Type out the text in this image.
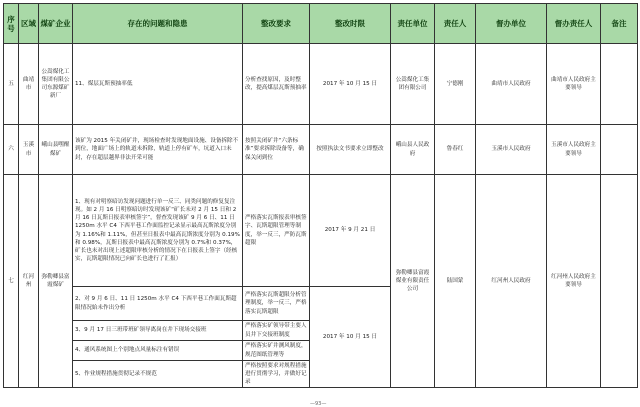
序号	区域	煤矿企业	存在的问题和隐患	整改要求	整改时限	责任单位	责任人	督办单位	督办责任人	备注
五	曲靖市	公嵩煤化工集团有限公司东源煤矿新厂	11、煤层瓦斯预抽率低	分析查找原因，及时整改，提高煤层瓦斯预抽率	2017 年 10 月 15 日	公嵩煤化工集团有限公司	宁德刚	曲靖市人民政府	曲靖市人民政府主要领导	
六	玉溪市	峨山县嘿醒煤矿	该矿为 2015 年关闭矿井，现场检查时发现地面设施、设备拆除不到位，地面广场上的轨道未拆除，轨道上停有矿车，坑道入口未封，存在超层越界非法开采可能	按照关闭矿井“六条标准”要求拆除设备等，确保关闭到位	按照执法文书要求立即整改	峨山县人民政府	鲁春红	玉溪市人民政府	玉溪市人民政府主要领导	
七	红河州	弥勒卿县富霞煤矿	1、现有对明察暗访发现问题进行单一反三、同类问题的修复复注现。如 2 月 16 日明察暗访时发现该矿“矿长未对 2 月 15 日和 2 月 16 日瓦斯日报表审核签字”，督查发现该矿 9 月 6 日、11 日 1250m 水平 C4 下西平巷工作面监控记录显示最高瓦斯浓度分别为 1.16%和 1.11%，但甚至日报表中最高瓦斯浓度分别为 0.19%和 0.98%，瓦斯日报表中最高瓦斯浓度分别为 0.7%和 0.37%，矿长也未对出现上述超限审核分析的情况下在日报表上签字（经核实，瓦斯超限情况已向矿长也进行了汇报）	严格落实瓦斯报表审核签字、瓦斯超限管理等制度，举一反三，严防瓦斯超限	2017 年 9 月 21 日	弥勒卿县富霞煤业有限责任公司	陆国蒙	红河州人民政府	红河州人民政府主要领导	
			2、对 9 月 6 日、11 日 1250m 水平 C4 下西平巷工作面瓦斯超限情况始未作出分析	严格落实瓦斯超限分析管理制度，举一反三，严格落实瓦斯超限	2017 年 10 月 15 日					
			3、9 月 17 日三班带班矿领导离岗在井下现场交接班	严格落实矿领导带主要人员井下交接班制度						
			4、通风系统图上个别地点风量标注有错误	严格落实矿井测风制度，规范图纸管理等						
			5、作业规程措施贯彻记录不规范	严格按照要求对规程措施进行贯彻学习，并做好记录						
—93—
